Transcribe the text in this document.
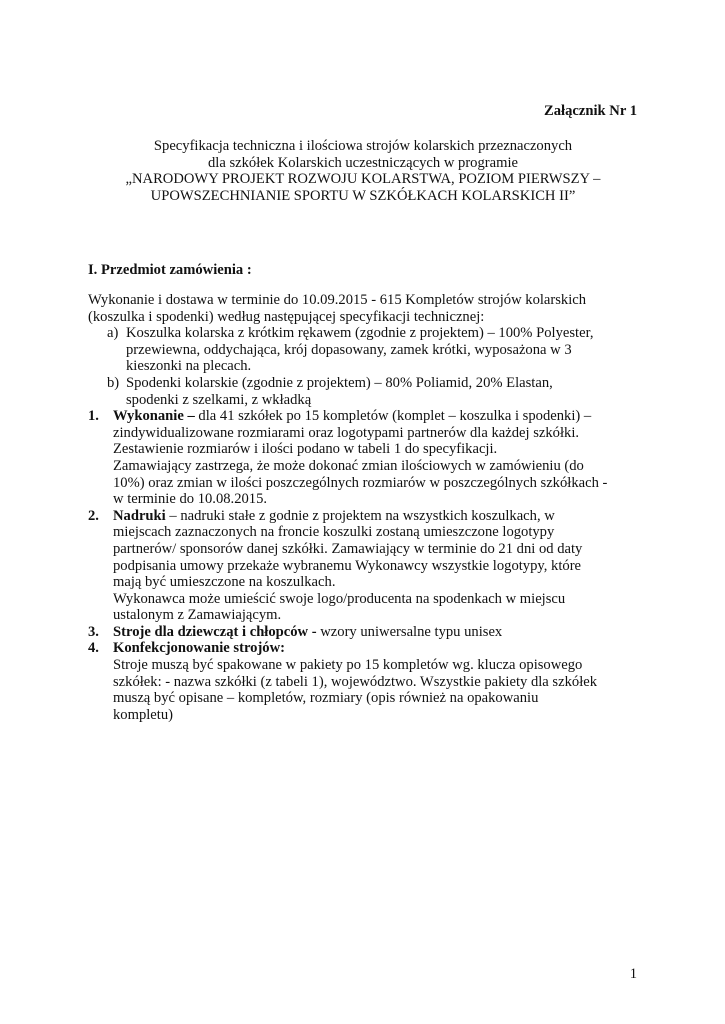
Załącznik Nr 1
Specyfikacja techniczna i ilościowa strojów kolarskich przeznaczonych
dla szkółek Kolarskich uczestniczących w programie
„NARODOWY PROJEKT ROZWOJU KOLARSTWA, POZIOM PIERWSZY –
UPOWSZECHNIANIE SPORTU W SZKÓŁKACH KOLARSKICH II”
I. Przedmiot zamówienia :
Wykonanie i dostawa w terminie do 10.09.2015 - 615 Kompletów strojów kolarskich
(koszulka i spodenki) według następującej specyfikacji technicznej:
a) Koszulka kolarska z krótkim rękawem (zgodnie z projektem) – 100% Polyester,
przewiewna, oddychająca, krój dopasowany, zamek krótki, wyposażona w 3
kieszonki na plecach.
b) Spodenki kolarskie (zgodnie z projektem) – 80% Poliamid, 20% Elastan,
spodenki z szelkami, z wkładką
1. Wykonanie – dla 41 szkółek po 15 kompletów (komplet – koszulka i spodenki) –
zindywidualizowane rozmiarami oraz logotypami partnerów dla każdej szkółki.
Zestawienie rozmiarów i ilości podano w tabeli 1 do specyfikacji.
Zamawiający zastrzega, że może dokonać zmian ilościowych w zamówieniu (do
10%) oraz zmian w ilości poszczególnych rozmiarów w poszczególnych szkółkach -
w terminie do 10.08.2015.
2. Nadruki – nadruki stałe z godnie z projektem na wszystkich koszulkach, w
miejscach zaznaczonych na froncie koszulki zostaną umieszczone logotypy
partnerów/ sponsorów danej szkółki. Zamawiający w terminie do 21 dni od daty
podpisania umowy przekaże wybranemu Wykonawcy wszystkie logotypy, które
mają być umieszczone na koszulkach.
Wykonawca może umieścić swoje logo/producenta na spodenkach w miejscu
ustalonym z Zamawiającym.
3. Stroje dla dziewcząt i chłopców - wzory uniwersalne typu unisex
4. Konfekcjonowanie strojów:
Stroje muszą być spakowane w pakiety po 15 kompletów wg. klucza opisowego
szkółek: - nazwa szkółki (z tabeli 1), województwo. Wszystkie pakiety dla szkółek
muszą być opisane – kompletów, rozmiary (opis również na opakowaniu
kompletu)
1
